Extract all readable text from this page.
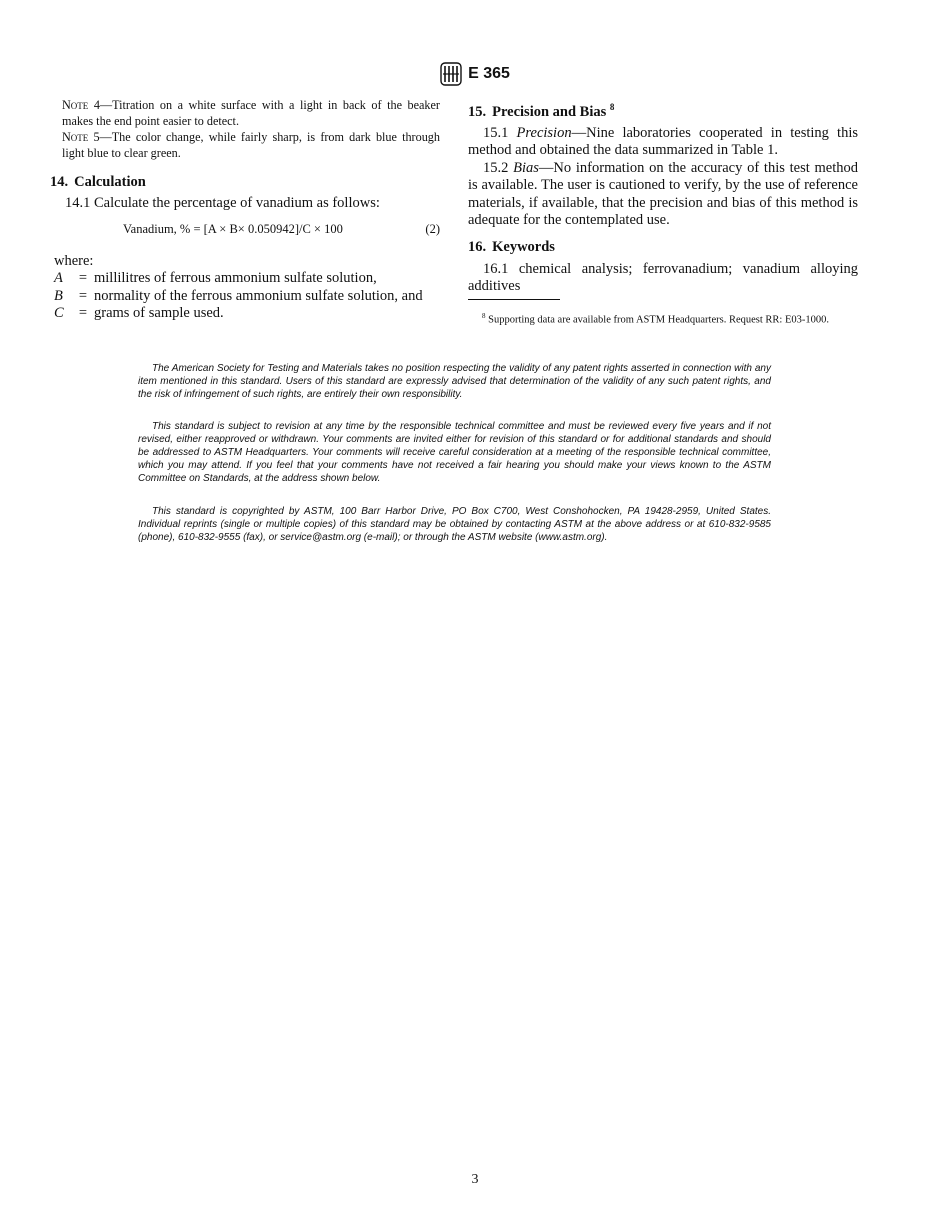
E 365

Note 4—Titration on a white surface with a light in back of the beaker makes the end point easier to detect.

Note 5—The color change, while fairly sharp, is from dark blue through light blue to clear green.

14. Calculation

14.1 Calculate the percentage of vanadium as follows:

Vanadium, % = [A × B× 0.050942]/C × 100	(2)
where:
A	= millilitres of ferrous ammonium sulfate solution,
B	= normality of the ferrous ammonium sulfate solution, and
C	= grams of sample used.
15. Precision and Bias $^8$

15.1 Precision—Nine laboratories cooperated in testing this method and obtained the data summarized in Table 1.

15.2 Bias—No information on the accuracy of this test method is available. The user is cautioned to verify, by the use of reference materials, if available, that the precision and bias of this method is adequate for the contemplated use.

16. Keywords

16.1 chemical analysis; ferrovanadium; vanadium alloying additives

$^8$ Supporting data are available from ASTM Headquarters. Request RR: E03-1000.

The American Society for Testing and Materials takes no position respecting the validity of any patent rights asserted in connection with any item mentioned in this standard. Users of this standard are expressly advised that determination of the validity of any such patent rights, and the risk of infringement of such rights, are entirely their own responsibility.

This standard is subject to revision at any time by the responsible technical committee and must be reviewed every five years and if not revised, either reapproved or withdrawn. Your comments are invited either for revision of this standard or for additional standards and should be addressed to ASTM Headquarters. Your comments will receive careful consideration at a meeting of the responsible technical committee, which you may attend. If you feel that your comments have not received a fair hearing you should make your views known to the ASTM Committee on Standards, at the address shown below.

This standard is copyrighted by ASTM, 100 Barr Harbor Drive, PO Box C700, West Conshohocken, PA 19428-2959, United States. Individual reprints (single or multiple copies) of this standard may be obtained by contacting ASTM at the above address or at 610-832-9585 (phone), 610-832-9555 (fax), or service@astm.org (e-mail); or through the ASTM website (www.astm.org).

3
